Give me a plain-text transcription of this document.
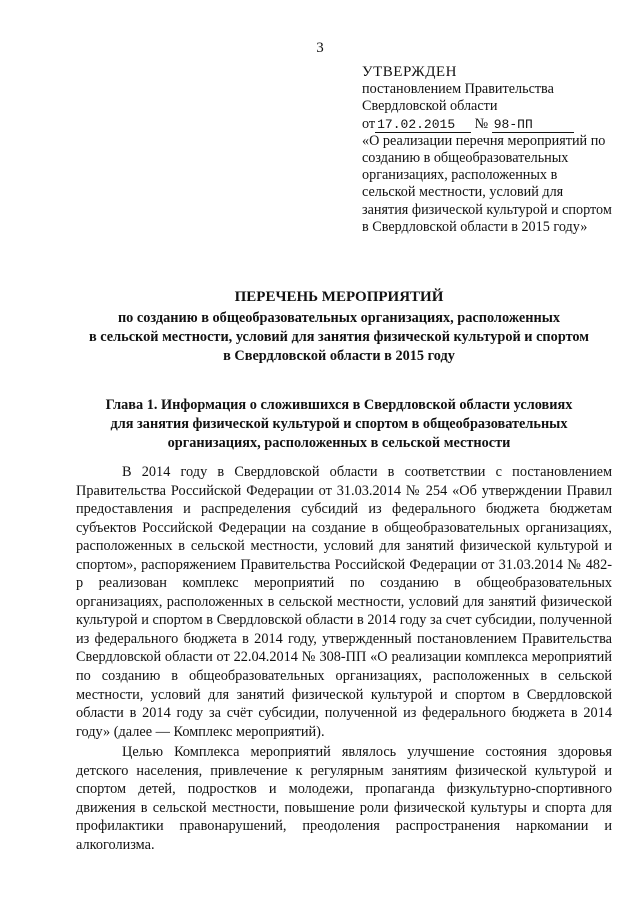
3
УТВЕРЖДЕН
постановлением Правительства
Свердловской области
от 17.02.2015 № 98-ПП
«О реализации перечня мероприятий по созданию в общеобразовательных организациях, расположенных в сельской местности, условий для занятия физической культурой и спортом в Свердловской области в 2015 году»
ПЕРЕЧЕНЬ МЕРОПРИЯТИЙ
по созданию в общеобразовательных организациях, расположенных
в сельской местности, условий для занятия физической культурой и спортом
в Свердловской области в 2015 году
Глава 1. Информация о сложившихся в Свердловской области условиях
для занятия физической культурой и спортом в общеобразовательных
организациях, расположенных в сельской местности

В 2014 году в Свердловской области в соответствии с постановлением Правительства Российской Федерации от 31.03.2014 № 254 «Об утверждении Правил предоставления и распределения субсидий из федерального бюджета бюджетам субъектов Российской Федерации на создание в общеобразовательных организациях, расположенных в сельской местности, условий для занятий физической культурой и спортом», распоряжением Правительства Российской Федерации от 31.03.2014 № 482-р реализован комплекс мероприятий по созданию в общеобразовательных организациях, расположенных в сельской местности, условий для занятий физической культурой и спортом в Свердловской области в 2014 году за счет субсидии, полученной из федерального бюджета в 2014 году, утвержденный постановлением Правительства Свердловской области от 22.04.2014 № 308-ПП «О реализации комплекса мероприятий по созданию в общеобразовательных организациях, расположенных в сельской местности, условий для занятий физической культурой и спортом в Свердловской области в 2014 году за счёт субсидии, полученной из федерального бюджета в 2014 году» (далее — Комплекс мероприятий).

Целью Комплекса мероприятий являлось улучшение состояния здоровья детского населения, привлечение к регулярным занятиям физической культурой и спортом детей, подростков и молодежи, пропаганда физкультурно-спортивного движения в сельской местности, повышение роли физической культуры и спорта для профилактики правонарушений, преодоления распространения наркомании и алкоголизма.
